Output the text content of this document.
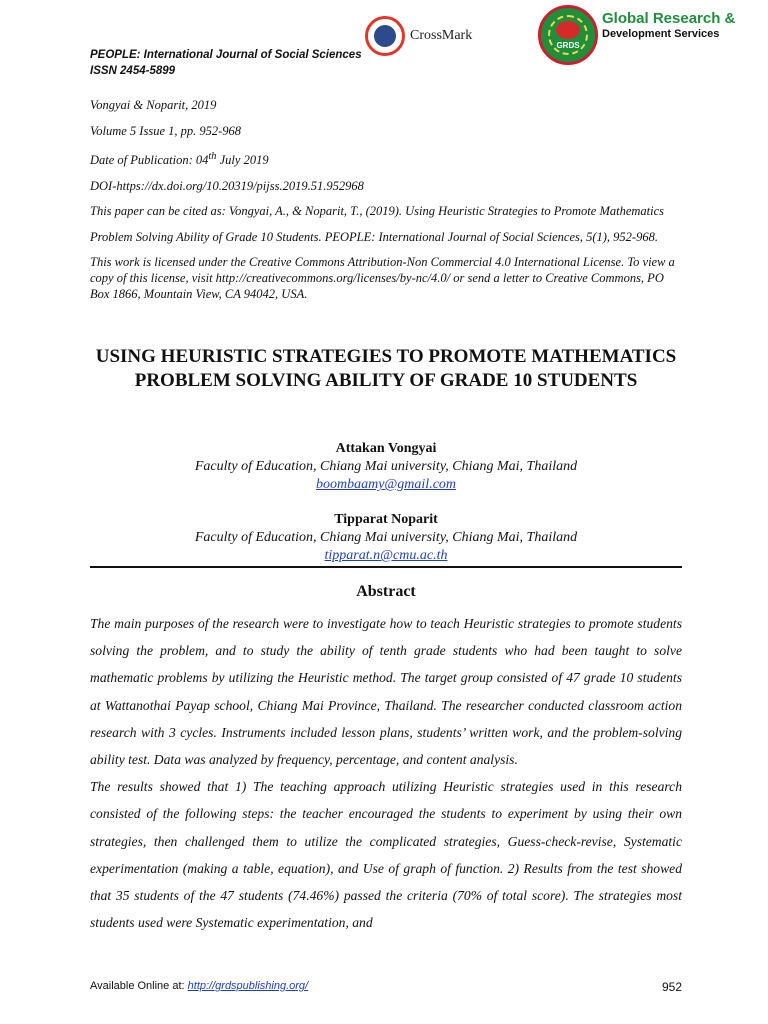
PEOPLE: International Journal of Social Sciences
ISSN 2454-5899
CrossMark
GRDS
Global Research &
Development Services
Vongyai & Noparit, 2019
Volume 5 Issue 1, pp. 952-968
Date of Publication: 04th July 2019
DOI-https://dx.doi.org/10.20319/pijss.2019.51.952968
This paper can be cited as: Vongyai, A., & Noparit, T., (2019). Using Heuristic Strategies to Promote Mathematics Problem Solving Ability of Grade 10 Students. PEOPLE: International Journal of Social Sciences, 5(1), 952-968.
This work is licensed under the Creative Commons Attribution-Non Commercial 4.0 International License. To view a copy of this license, visit http://creativecommons.org/licenses/by-nc/4.0/ or send a letter to Creative Commons, PO Box 1866, Mountain View, CA 94042, USA.
USING HEURISTIC STRATEGIES TO PROMOTE MATHEMATICS PROBLEM SOLVING ABILITY OF GRADE 10 STUDENTS
Attakan Vongyai
Faculty of Education, Chiang Mai university, Chiang Mai, Thailand
boombaamy@gmail.com
Tipparat Noparit
Faculty of Education, Chiang Mai university, Chiang Mai, Thailand
tipparat.n@cmu.ac.th
Abstract

The main purposes of the research were to investigate how to teach Heuristic strategies to promote students solving the problem, and to study the ability of tenth grade students who had been taught to solve mathematic problems by utilizing the Heuristic method. The target group consisted of 47 grade 10 students at Wattanothai Payap school, Chiang Mai Province, Thailand. The researcher conducted classroom action research with 3 cycles. Instruments included lesson plans, students’ written work, and the problem-solving ability test. Data was analyzed by frequency, percentage, and content analysis.

The results showed that 1) The teaching approach utilizing Heuristic strategies used in this research consisted of the following steps: the teacher encouraged the students to experiment by using their own strategies, then challenged them to utilize the complicated strategies, Guess-check-revise, Systematic experimentation (making a table, equation), and Use of graph of function. 2) Results from the test showed that 35 students of the 47 students (74.46%) passed the criteria (70% of total score). The strategies most students used were Systematic experimentation, and

Available Online at: http://grdspublishing.org/	952
